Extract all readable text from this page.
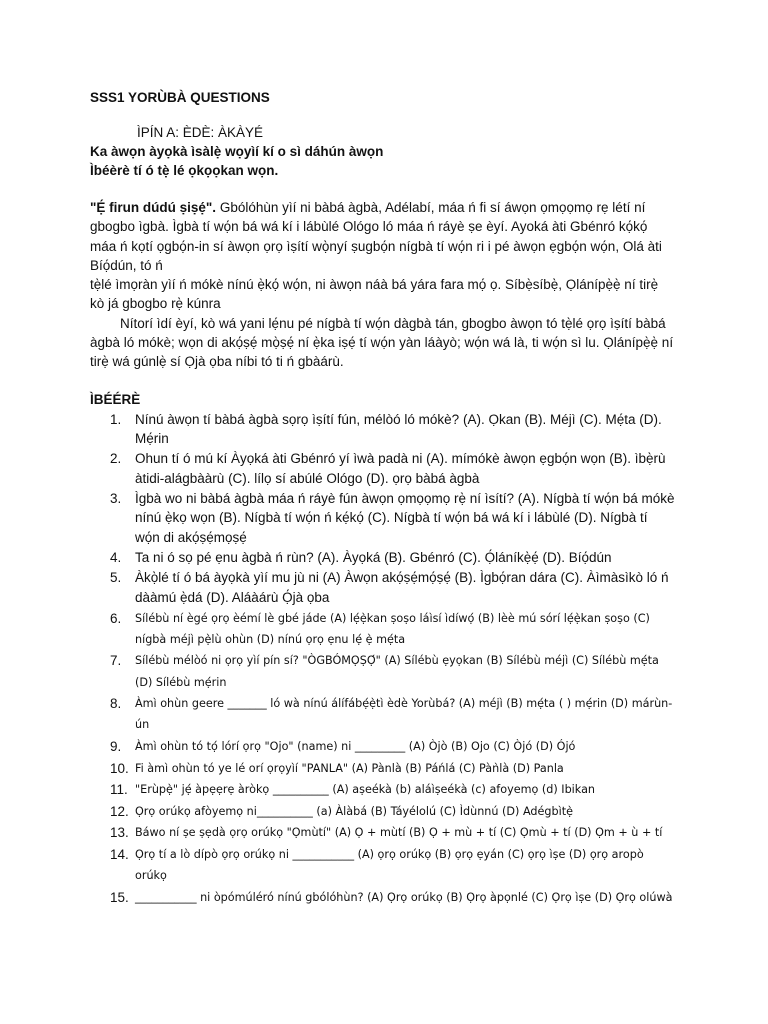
SSS1 YORÙBÀ QUESTIONS
ÌPÍN A: ÈDÈ: ÀKÀYÉ
Ka àwọn àyọkà ìsàlẹ̀ wọyìí kí o sì dáhún àwọn
Ìbéèrè tí ó tẹ̀ lé ọkọọkan wọn.

"Ẹ́ firun dúdú ṣiṣẹ́". Gbólóhùn yìí ni bàbá àgbà, Adélabí, máa ń fi sí áwọn ọmọọmọ rẹ létí ní gbogbo ìgbà. Ìgbà tí wọ́n bá wá kí i lábùlé Ológo ló máa ń ráyè ṣe èyí. Ayoká àti Gbénró kọ́kọ́ máa ń kọtí ọgbọ́n-in sí àwọn ọrọ ìṣítí wọ̀nyí ṣugbọ́n nígbà tí wọ́n ri i pé àwọn ẹgbọ́n wọ́n, Olá àti Bíọ́dún, tó ń

tẹ̀lé ìmọràn yìí ń mókè nínú ẹ̀kọ́ wọ́n, ni àwọn náà bá yára fara mọ́ ọ. Síbẹ̀síbẹ̀, Ọlánípẹ̀ẹ̀ ní tirẹ̀ kò já gbogbo rẹ̀ kúnra

Nítorí ìdí èyí, kò wá yani lẹ́nu pé nígbà tí wọ́n dàgbà tán, gbogbo àwọn tó tẹ̀lé ọrọ ìṣítí bàbá àgbà ló mókè; wọn di akọ́ṣẹ́ mọ̀ṣẹ́ ní ẹ̀ka iṣẹ́ tí wọ́n yàn láàyò; wọ́n wá là, ti wọ́n sì lu. Ọlánípẹ̀ẹ̀ ní tirẹ̀ wá gúnlẹ̀ sí Ọjà ọba níbi tó ti ń gbàárù.

ÌBÉÉRÈ
1.	Nínú àwọn tí bàbá àgbà sọrọ ìṣítí fún, mélòó ló mókè? (A). Ọkan (B). Méjì (C). Mẹ́ta (D). Mẹ́rin
2.	Ohun tí ó mú kí Àyọká àti Gbénró yí ìwà padà ni (A). mímókè àwọn ẹgbọ́n wọn (B). ìbẹ̀rù àtidi-alágbààrù (C). lílọ sí abúlé Ológo (D). ọrọ bàbá àgbà
3.	Ìgbà wo ni bàbá àgbà máa ń ráyè fún àwọn ọmọọmọ rẹ̀ ní ìsítí? (A). Nígbà tí wọ́n bá mókè nínú ẹ̀kọ wọn (B). Nígbà tí wọ́n ń kẹ́kọ́ (C). Nígbà tí wọ́n bá wá kí i lábùlé (D). Nígbà tí wọ́n di akọ́ṣẹ́mọṣẹ́
4.	Ta ni ó sọ pé ẹnu àgbà ń rùn? (A). Àyọká (B). Gbénró (C). Ọ́láníkẹ̀ẹ́ (D). Bíọ́dún
5.	Àkọ̀lé tí ó bá àyọkà yìí mu jù ni (A) Àwọn akọ́ṣẹ́mọ́ṣẹ́ (B). Ìgbọ́ran dára (C). Àìmàsìkò ló ń dààmú ẹ̀dá (D). Aláàárù Ọ́jà ọba
6.	Sílébù ní ègé ọrọ èémí lè gbé jáde (A) lẹ́ẹ̀kan ṣoṣo láìsí ìdíwọ́ (B) lèè mú sórí lẹ́ẹ̀kan ṣoṣo (C) nígbà méjì pẹ̀lù ohùn (D) nínú ọrọ ẹnu lẹ́ ẹ̀ mẹ́ta
7.	Sílébù mélòó ni ọrọ yìí pín sí? "ÒGBÓMỌṢỌ́" (A) Sílébù ẹyọkan (B) Sílébù méjì (C) Sílébù mẹ́ta (D) Sílébù mẹ́rin
8.	Àmì ohùn geere _______ ló wà nínú álífábẹ́ẹ̀tì èdè Yorùbá? (A) méjì (B) mẹ́ta ( ) mẹ́rin (D) márùn-ún
9.	Àmì ohùn tó tọ́ lórí ọrọ "Ojo" (name) ni _________ (A) Òjò (B) Ojo (C) Òjó (D) Ójó
10. Fi àmì ohùn tó ye lé orí ọrọyìí "PANLA" (A) Pànlà (B) Páńlá (C) Pàǹlà (D) Panla
11. "Erùpẹ̀" jẹ́ àpẹẹrẹ àròkọ __________ (A) aṣeékà (b) aláìṣeékà (c) afoyemọ (d) Ibikan
12. Ọrọ orúkọ afòyemọ ni__________ (a) Àlàbá (B) Táyélolú (C) Ìdùnnú (D) Adégbìtẹ̀
13. Báwo ní ṣe ṣẹdà ọrọ orúkọ "Ọmùtí" (A) Ọ + mùtí (B) Ọ + mù + tí (C) Ọmù + tí (D) Ọm + ù + tí
14. Ọrọ tí a lò dípò ọrọ orúkọ ni ___________ (A) ọrọ orúkọ (B) ọrọ ẹyán (C) ọrọ ìṣe (D) ọrọ aropò orúkọ
15. ___________ ni òpómúléró nínú gbólóhùn? (A) Ọrọ orúkọ (B) Ọrọ àpọnlé (C) Ọrọ ìṣe (D) Ọrọ olúwà
